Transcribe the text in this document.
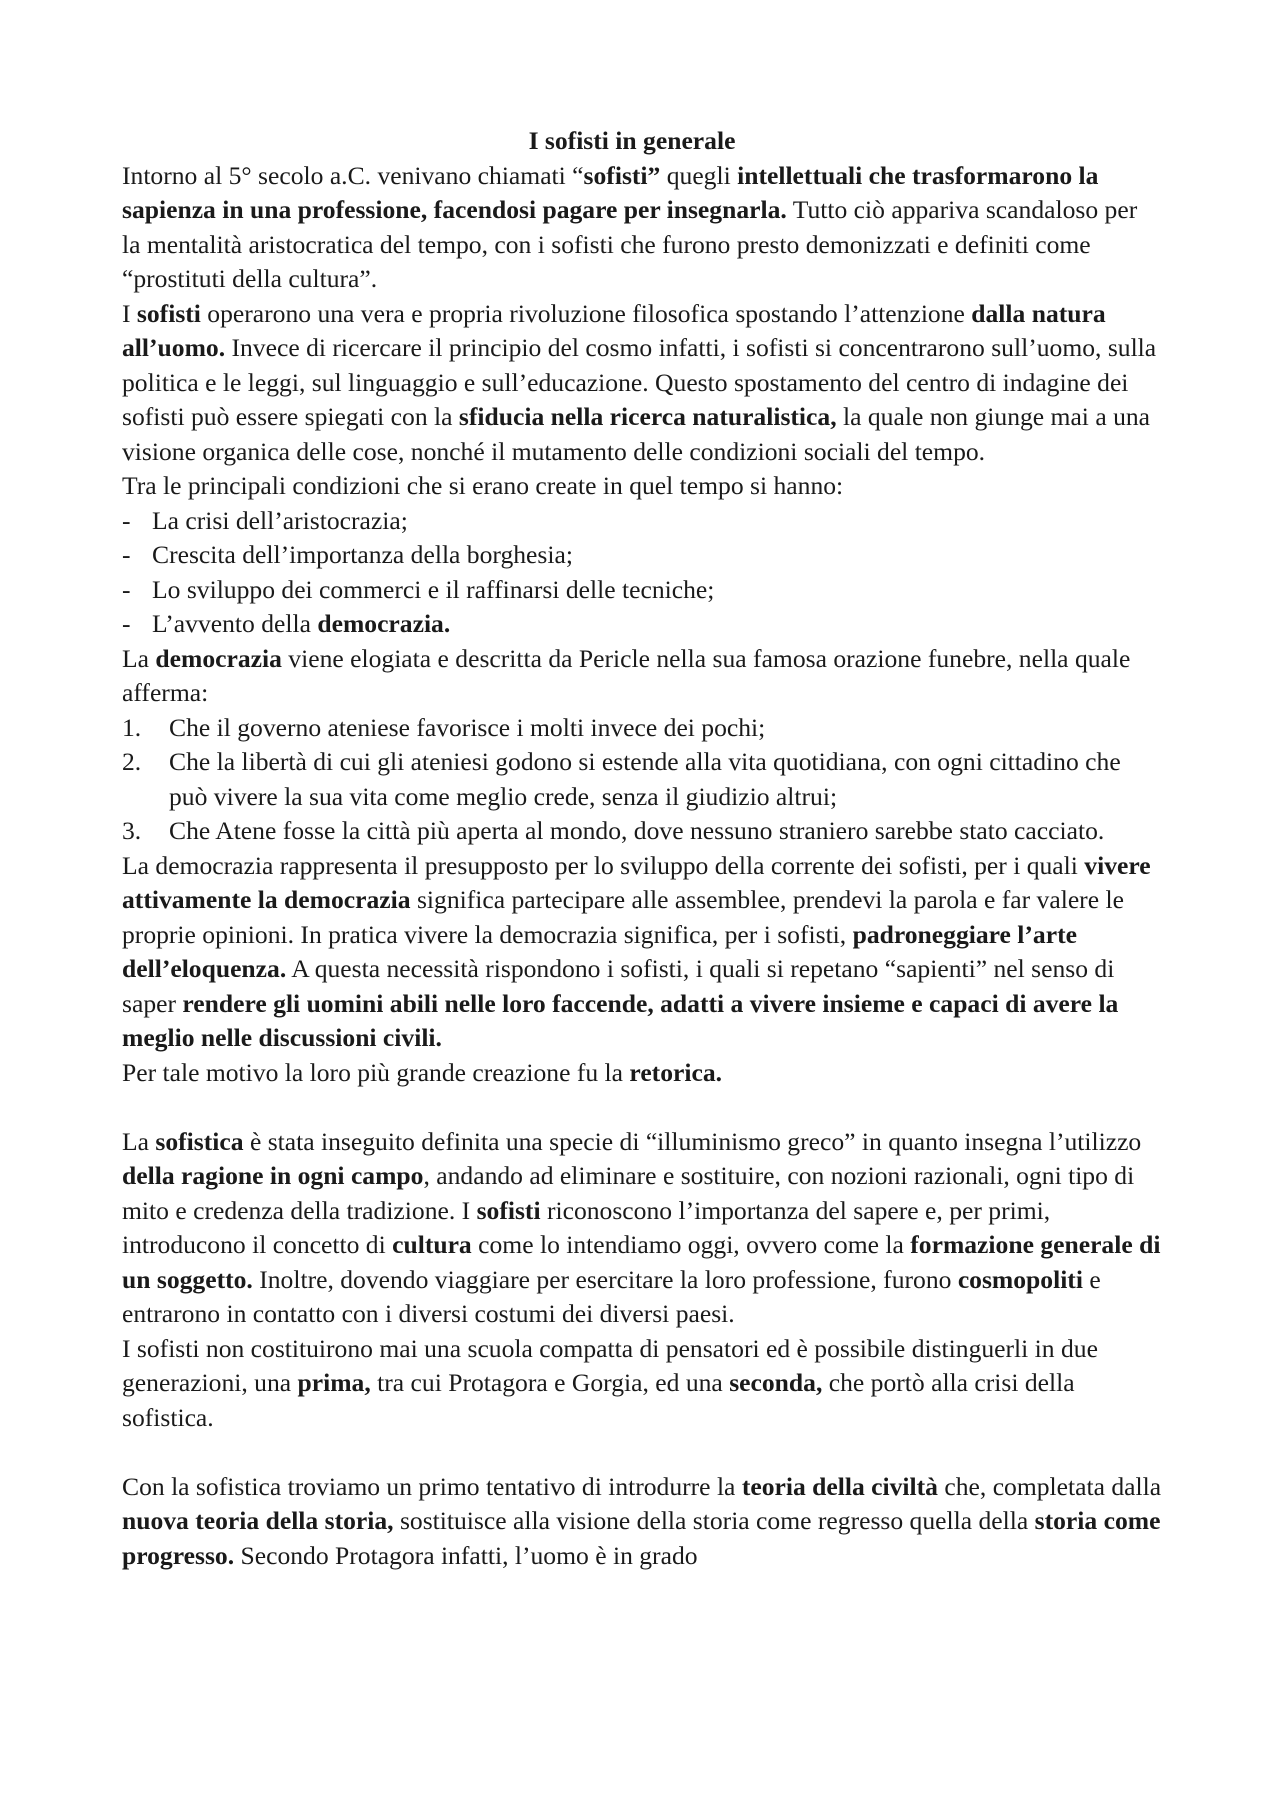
I sofisti in generale

Intorno al 5° secolo a.C. venivano chiamati “sofisti” quegli intellettuali che trasformarono la sapienza in una professione, facendosi pagare per insegnarla. Tutto ciò appariva scandaloso per la mentalità aristocratica del tempo, con i sofisti che furono presto demonizzati e definiti come “prostituti della cultura”.

I sofisti operarono una vera e propria rivoluzione filosofica spostando l’attenzione dalla natura all’uomo. Invece di ricercare il principio del cosmo infatti, i sofisti si concentrarono sull’uomo, sulla politica e le leggi, sul linguaggio e sull’educazione. Questo spostamento del centro di indagine dei sofisti può essere spiegati con la sfiducia nella ricerca naturalistica, la quale non giunge mai a una visione organica delle cose, nonché il mutamento delle condizioni sociali del tempo.

Tra le principali condizioni che si erano create in quel tempo si hanno:

- La crisi dell’aristocrazia;
- Crescita dell’importanza della borghesia;
- Lo sviluppo dei commerci e il raffinarsi delle tecniche;
- L’avvento della democrazia.

La democrazia viene elogiata e descritta da Pericle nella sua famosa orazione funebre, nella quale afferma:

1. Che il governo ateniese favorisce i molti invece dei pochi;
2. Che la libertà di cui gli ateniesi godono si estende alla vita quotidiana, con ogni cittadino che può vivere la sua vita come meglio crede, senza il giudizio altrui;
3. Che Atene fosse la città più aperta al mondo, dove nessuno straniero sarebbe stato cacciato.

La democrazia rappresenta il presupposto per lo sviluppo della corrente dei sofisti, per i quali vivere attivamente la democrazia significa partecipare alle assemblee, prendevi la parola e far valere le proprie opinioni. In pratica vivere la democrazia significa, per i sofisti, padroneggiare l’arte dell’eloquenza. A questa necessità rispondono i sofisti, i quali si repetano “sapienti” nel senso di saper rendere gli uomini abili nelle loro faccende, adatti a vivere insieme e capaci di avere la meglio nelle discussioni civili.

Per tale motivo la loro più grande creazione fu la retorica.

La sofistica è stata inseguito definita una specie di “illuminismo greco” in quanto insegna l’utilizzo della ragione in ogni campo, andando ad eliminare e sostituire, con nozioni razionali, ogni tipo di mito e credenza della tradizione. I sofisti riconoscono l’importanza del sapere e, per primi, introducono il concetto di cultura come lo intendiamo oggi, ovvero come la formazione generale di un soggetto. Inoltre, dovendo viaggiare per esercitare la loro professione, furono cosmopoliti e entrarono in contatto con i diversi costumi dei diversi paesi.

I sofisti non costituirono mai una scuola compatta di pensatori ed è possibile distinguerli in due generazioni, una prima, tra cui Protagora e Gorgia, ed una seconda, che portò alla crisi della sofistica.

Con la sofistica troviamo un primo tentativo di introdurre la teoria della civiltà che, completata dalla nuova teoria della storia, sostituisce alla visione della storia come regresso quella della storia come progresso. Secondo Protagora infatti, l’uomo è in grado
